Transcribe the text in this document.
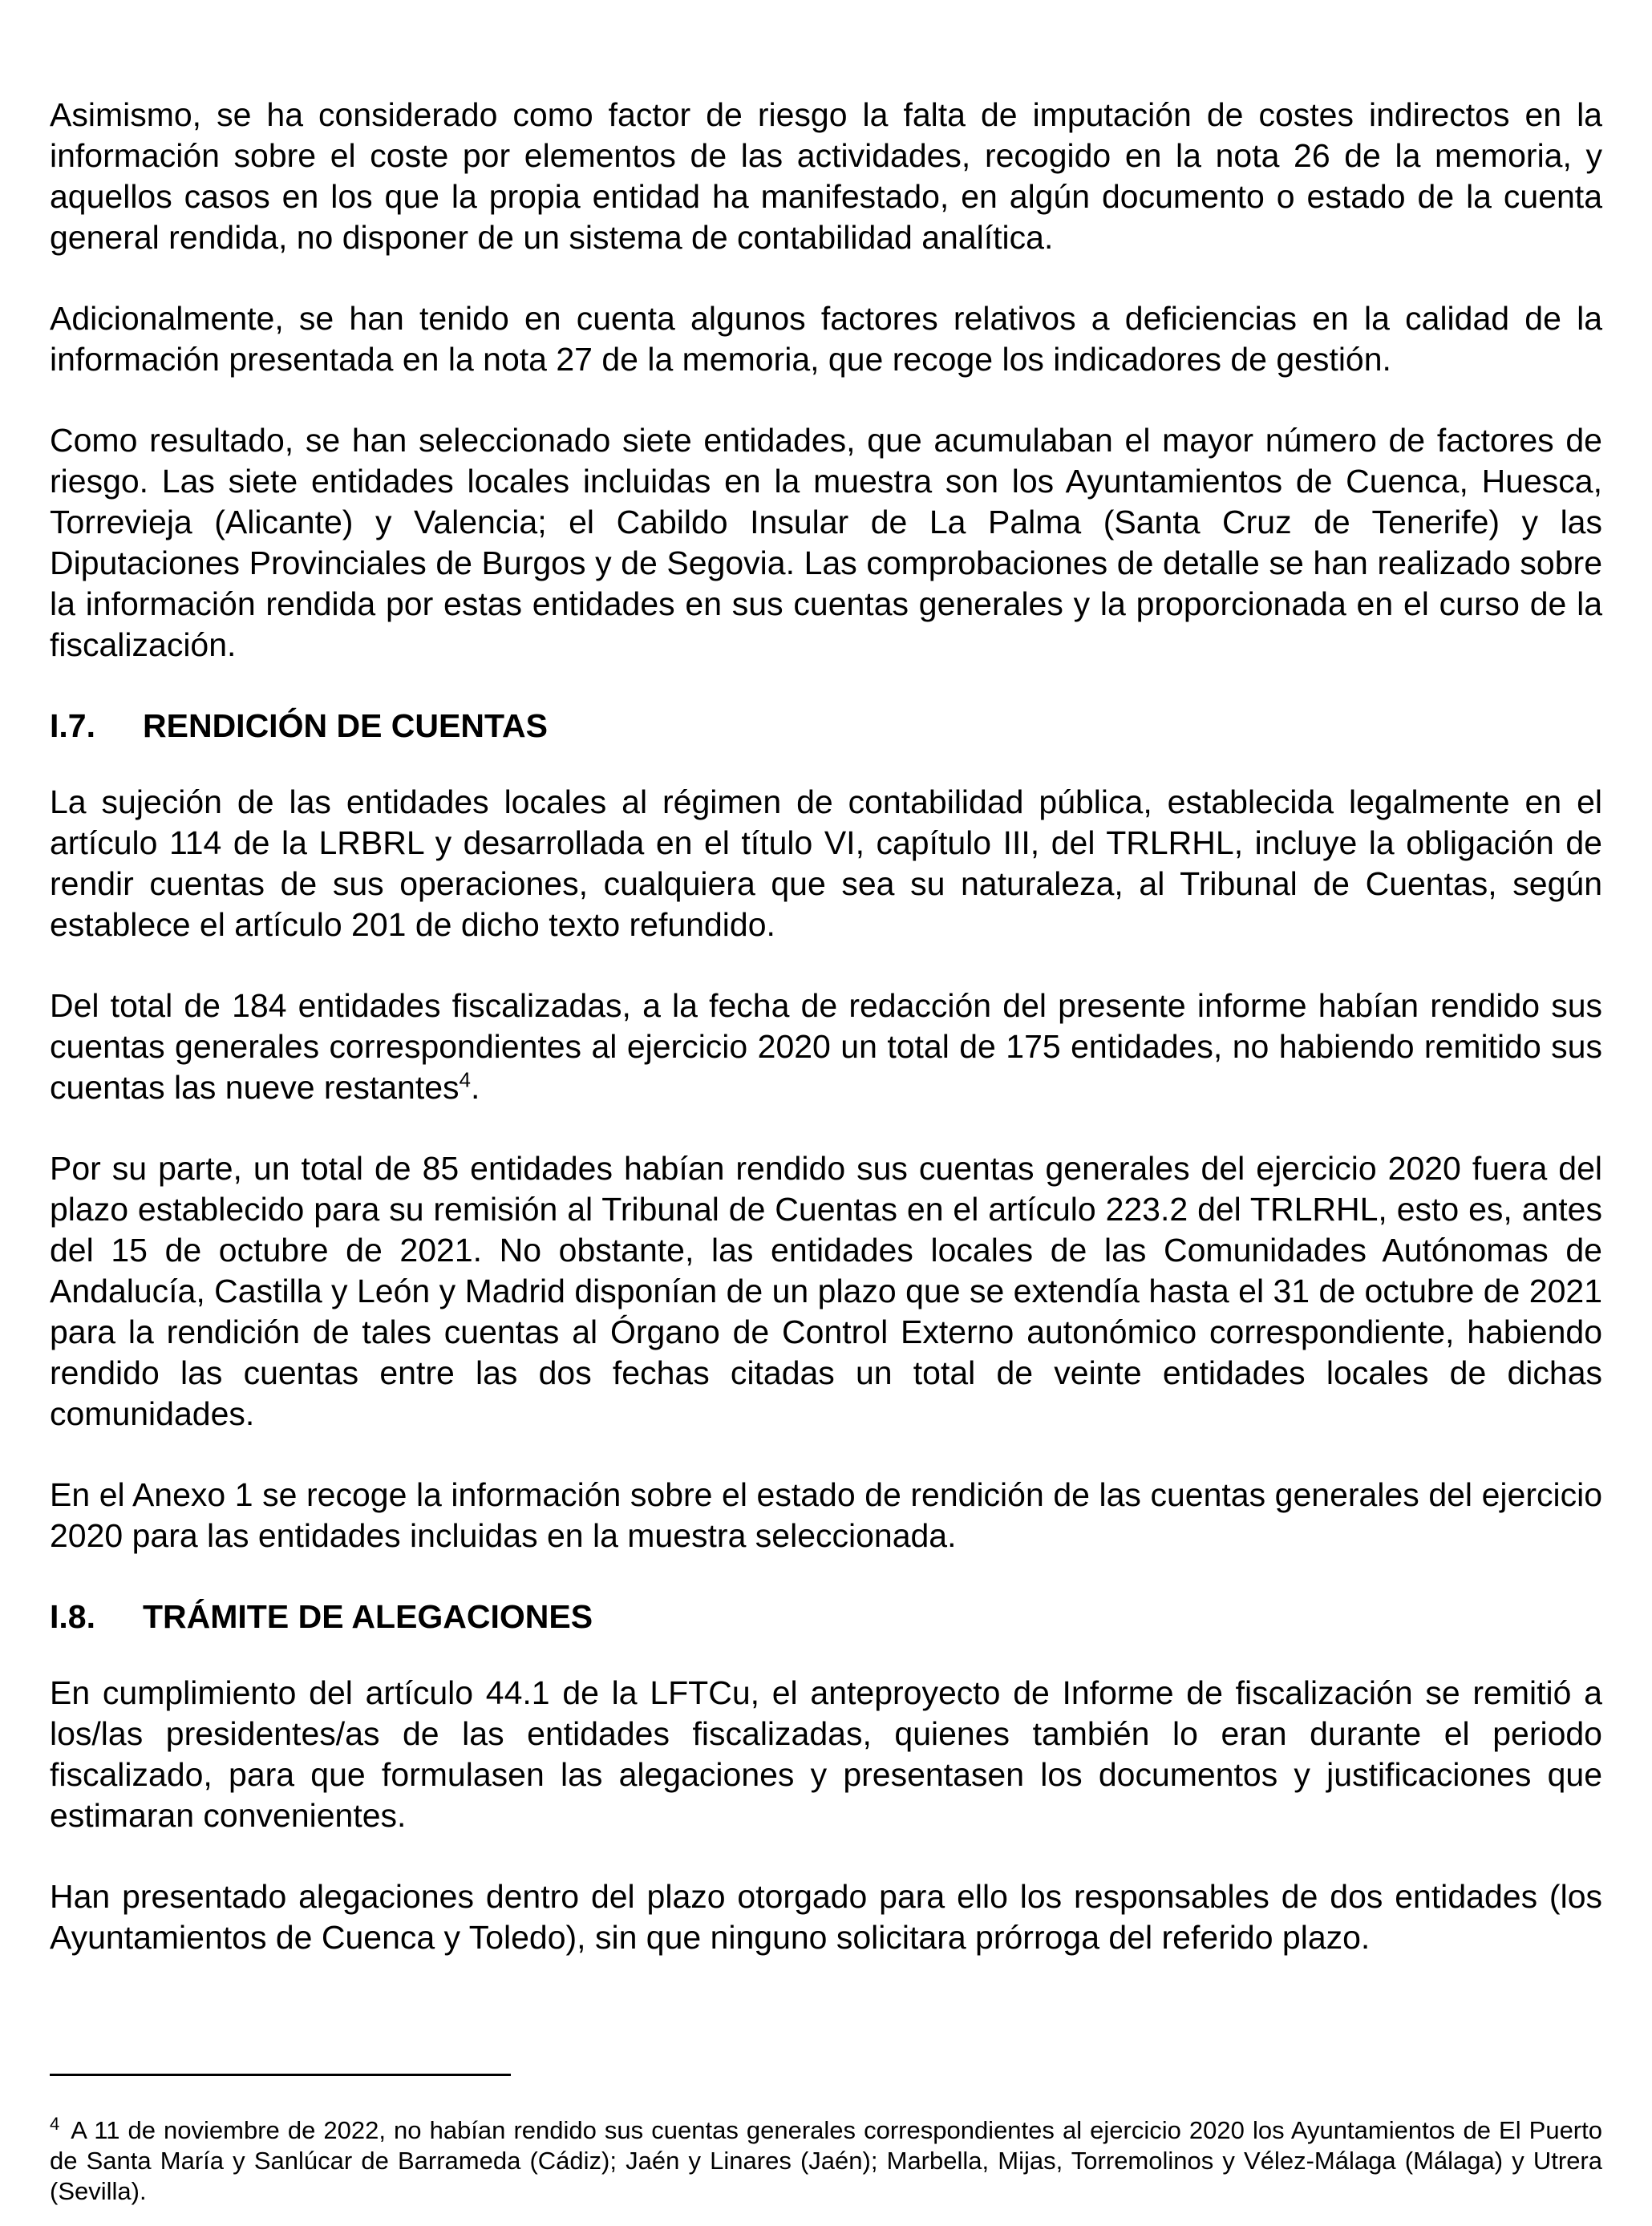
Asimismo, se ha considerado como factor de riesgo la falta de imputación de costes indirectos en la información sobre el coste por elementos de las actividades, recogido en la nota 26 de la memoria, y aquellos casos en los que la propia entidad ha manifestado, en algún documento o estado de la cuenta general rendida, no disponer de un sistema de contabilidad analítica.

Adicionalmente, se han tenido en cuenta algunos factores relativos a deficiencias en la calidad de la información presentada en la nota 27 de la memoria, que recoge los indicadores de gestión.

Como resultado, se han seleccionado siete entidades, que acumulaban el mayor número de factores de riesgo. Las siete entidades locales incluidas en la muestra son los Ayuntamientos de Cuenca, Huesca, Torrevieja (Alicante) y Valencia; el Cabildo Insular de La Palma (Santa Cruz de Tenerife) y las Diputaciones Provinciales de Burgos y de Segovia. Las comprobaciones de detalle se han realizado sobre la información rendida por estas entidades en sus cuentas generales y la proporcionada en el curso de la fiscalización.

I.7.	RENDICIÓN DE CUENTAS

La sujeción de las entidades locales al régimen de contabilidad pública, establecida legalmente en el artículo 114 de la LRBRL y desarrollada en el título VI, capítulo III, del TRLRHL, incluye la obligación de rendir cuentas de sus operaciones, cualquiera que sea su naturaleza, al Tribunal de Cuentas, según establece el artículo 201 de dicho texto refundido.

Del total de 184 entidades fiscalizadas, a la fecha de redacción del presente informe habían rendido sus cuentas generales correspondientes al ejercicio 2020 un total de 175 entidades, no habiendo remitido sus cuentas las nueve restantes$^4$.

Por su parte, un total de 85 entidades habían rendido sus cuentas generales del ejercicio 2020 fuera del plazo establecido para su remisión al Tribunal de Cuentas en el artículo 223.2 del TRLRHL, esto es, antes del 15 de octubre de 2021. No obstante, las entidades locales de las Comunidades Autónomas de Andalucía, Castilla y León y Madrid disponían de un plazo que se extendía hasta el 31 de octubre de 2021 para la rendición de tales cuentas al Órgano de Control Externo autonómico correspondiente, habiendo rendido las cuentas entre las dos fechas citadas un total de veinte entidades locales de dichas comunidades.

En el Anexo 1 se recoge la información sobre el estado de rendición de las cuentas generales del ejercicio 2020 para las entidades incluidas en la muestra seleccionada.

I.8.	TRÁMITE DE ALEGACIONES

En cumplimiento del artículo 44.1 de la LFTCu, el anteproyecto de Informe de fiscalización se remitió a los/las presidentes/as de las entidades fiscalizadas, quienes también lo eran durante el periodo fiscalizado, para que formulasen las alegaciones y presentasen los documentos y justificaciones que estimaran convenientes.

Han presentado alegaciones dentro del plazo otorgado para ello los responsables de dos entidades (los Ayuntamientos de Cuenca y Toledo), sin que ninguno solicitara prórroga del referido plazo.

$^4$ A 11 de noviembre de 2022, no habían rendido sus cuentas generales correspondientes al ejercicio 2020 los Ayuntamientos de El Puerto de Santa María y Sanlúcar de Barrameda (Cádiz); Jaén y Linares (Jaén); Marbella, Mijas, Torremolinos y Vélez-Málaga (Málaga) y Utrera (Sevilla).
